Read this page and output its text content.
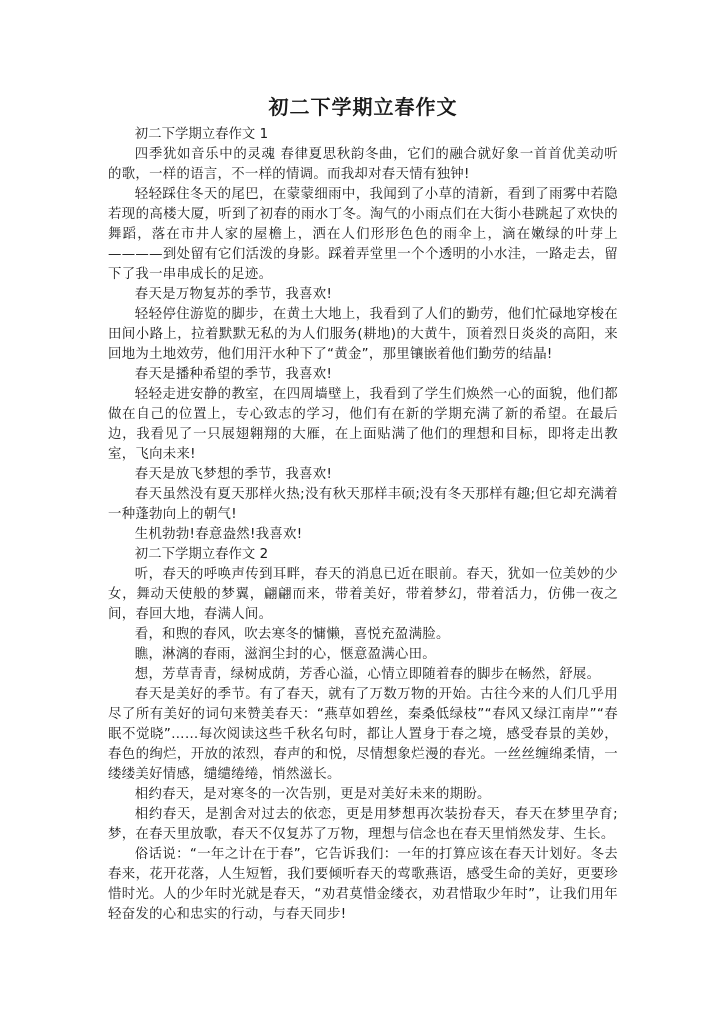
初二下学期立春作文

初二下学期立春作文 1

四季犹如音乐中的灵魂 春律夏思秋韵冬曲，它们的融合就好象一首首优美动听的歌，一样的语言，不一样的情调。而我却对春天情有独钟!

轻轻踩住冬天的尾巴，在蒙蒙细雨中，我闻到了小草的清新，看到了雨雾中若隐若现的高楼大厦，听到了初春的雨水丁冬。淘气的小雨点们在大街小巷跳起了欢快的舞蹈，落在市井人家的屋檐上，洒在人们形形色色的雨伞上，滴在嫩绿的叶芽上————到处留有它们活泼的身影。踩着弄堂里一个个透明的小水洼，一路走去，留下了我一串串成长的足迹。

春天是万物复苏的季节，我喜欢!

轻轻停住游览的脚步，在黄土大地上，我看到了人们的勤劳，他们忙碌地穿梭在田间小路上，拉着默默无私的为人们服务(耕地)的大黄牛，顶着烈日炎炎的高阳，来回地为土地效劳，他们用汗水种下了“黄金”，那里镶嵌着他们勤劳的结晶!

春天是播种希望的季节，我喜欢!

轻轻走进安静的教室，在四周墙壁上，我看到了学生们焕然一心的面貌，他们都做在自己的位置上，专心致志的学习，他们有在新的学期充满了新的希望。在最后边，我看见了一只展翅翱翔的大雁，在上面贴满了他们的理想和目标，即将走出教室，飞向未来!

春天是放飞梦想的季节，我喜欢!

春天虽然没有夏天那样火热;没有秋天那样丰硕;没有冬天那样有趣;但它却充满着一种蓬勃向上的朝气!

生机勃勃!春意盎然!我喜欢!

初二下学期立春作文 2

听，春天的呼唤声传到耳畔，春天的消息已近在眼前。春天，犹如一位美妙的少女，舞动天使般的梦翼，翩翩而来，带着美好，带着梦幻，带着活力，仿佛一夜之间，春回大地，春满人间。

看，和煦的春风，吹去寒冬的慵懒，喜悦充盈满脸。

瞧，淋漓的春雨，滋润尘封的心，惬意盈满心田。

想，芳草青青，绿树成荫，芳香心溢，心情立即随着春的脚步在畅然，舒展。

春天是美好的季节。有了春天，就有了万数万物的开始。古往今来的人们几乎用尽了所有美好的词句来赞美春天：“燕草如碧丝，秦桑低绿枝”“春风又绿江南岸”“春眠不觉晓”……每次阅读这些千秋名句时，都让人置身于春之境，感受春景的美妙，春色的绚烂，开放的浓烈，春声的和悦，尽情想象烂漫的春光。一丝丝缠绵柔情，一缕缕美好情感，缱缱绻绻，悄然滋长。

相约春天，是对寒冬的一次告别，更是对美好未来的期盼。

相约春天，是割舍对过去的依恋，更是用梦想再次装扮春天，春天在梦里孕育;梦，在春天里放歌，春天不仅复苏了万物，理想与信念也在春天里悄然发芽、生长。

俗话说：“一年之计在于春”，它告诉我们：一年的打算应该在春天计划好。冬去春来，花开花落，人生短暂，我们要倾听春天的莺歌燕语，感受生命的美好，更要珍惜时光。人的少年时光就是春天，“劝君莫惜金缕衣，劝君惜取少年时”，让我们用年轻奋发的心和忠实的行动，与春天同步!
